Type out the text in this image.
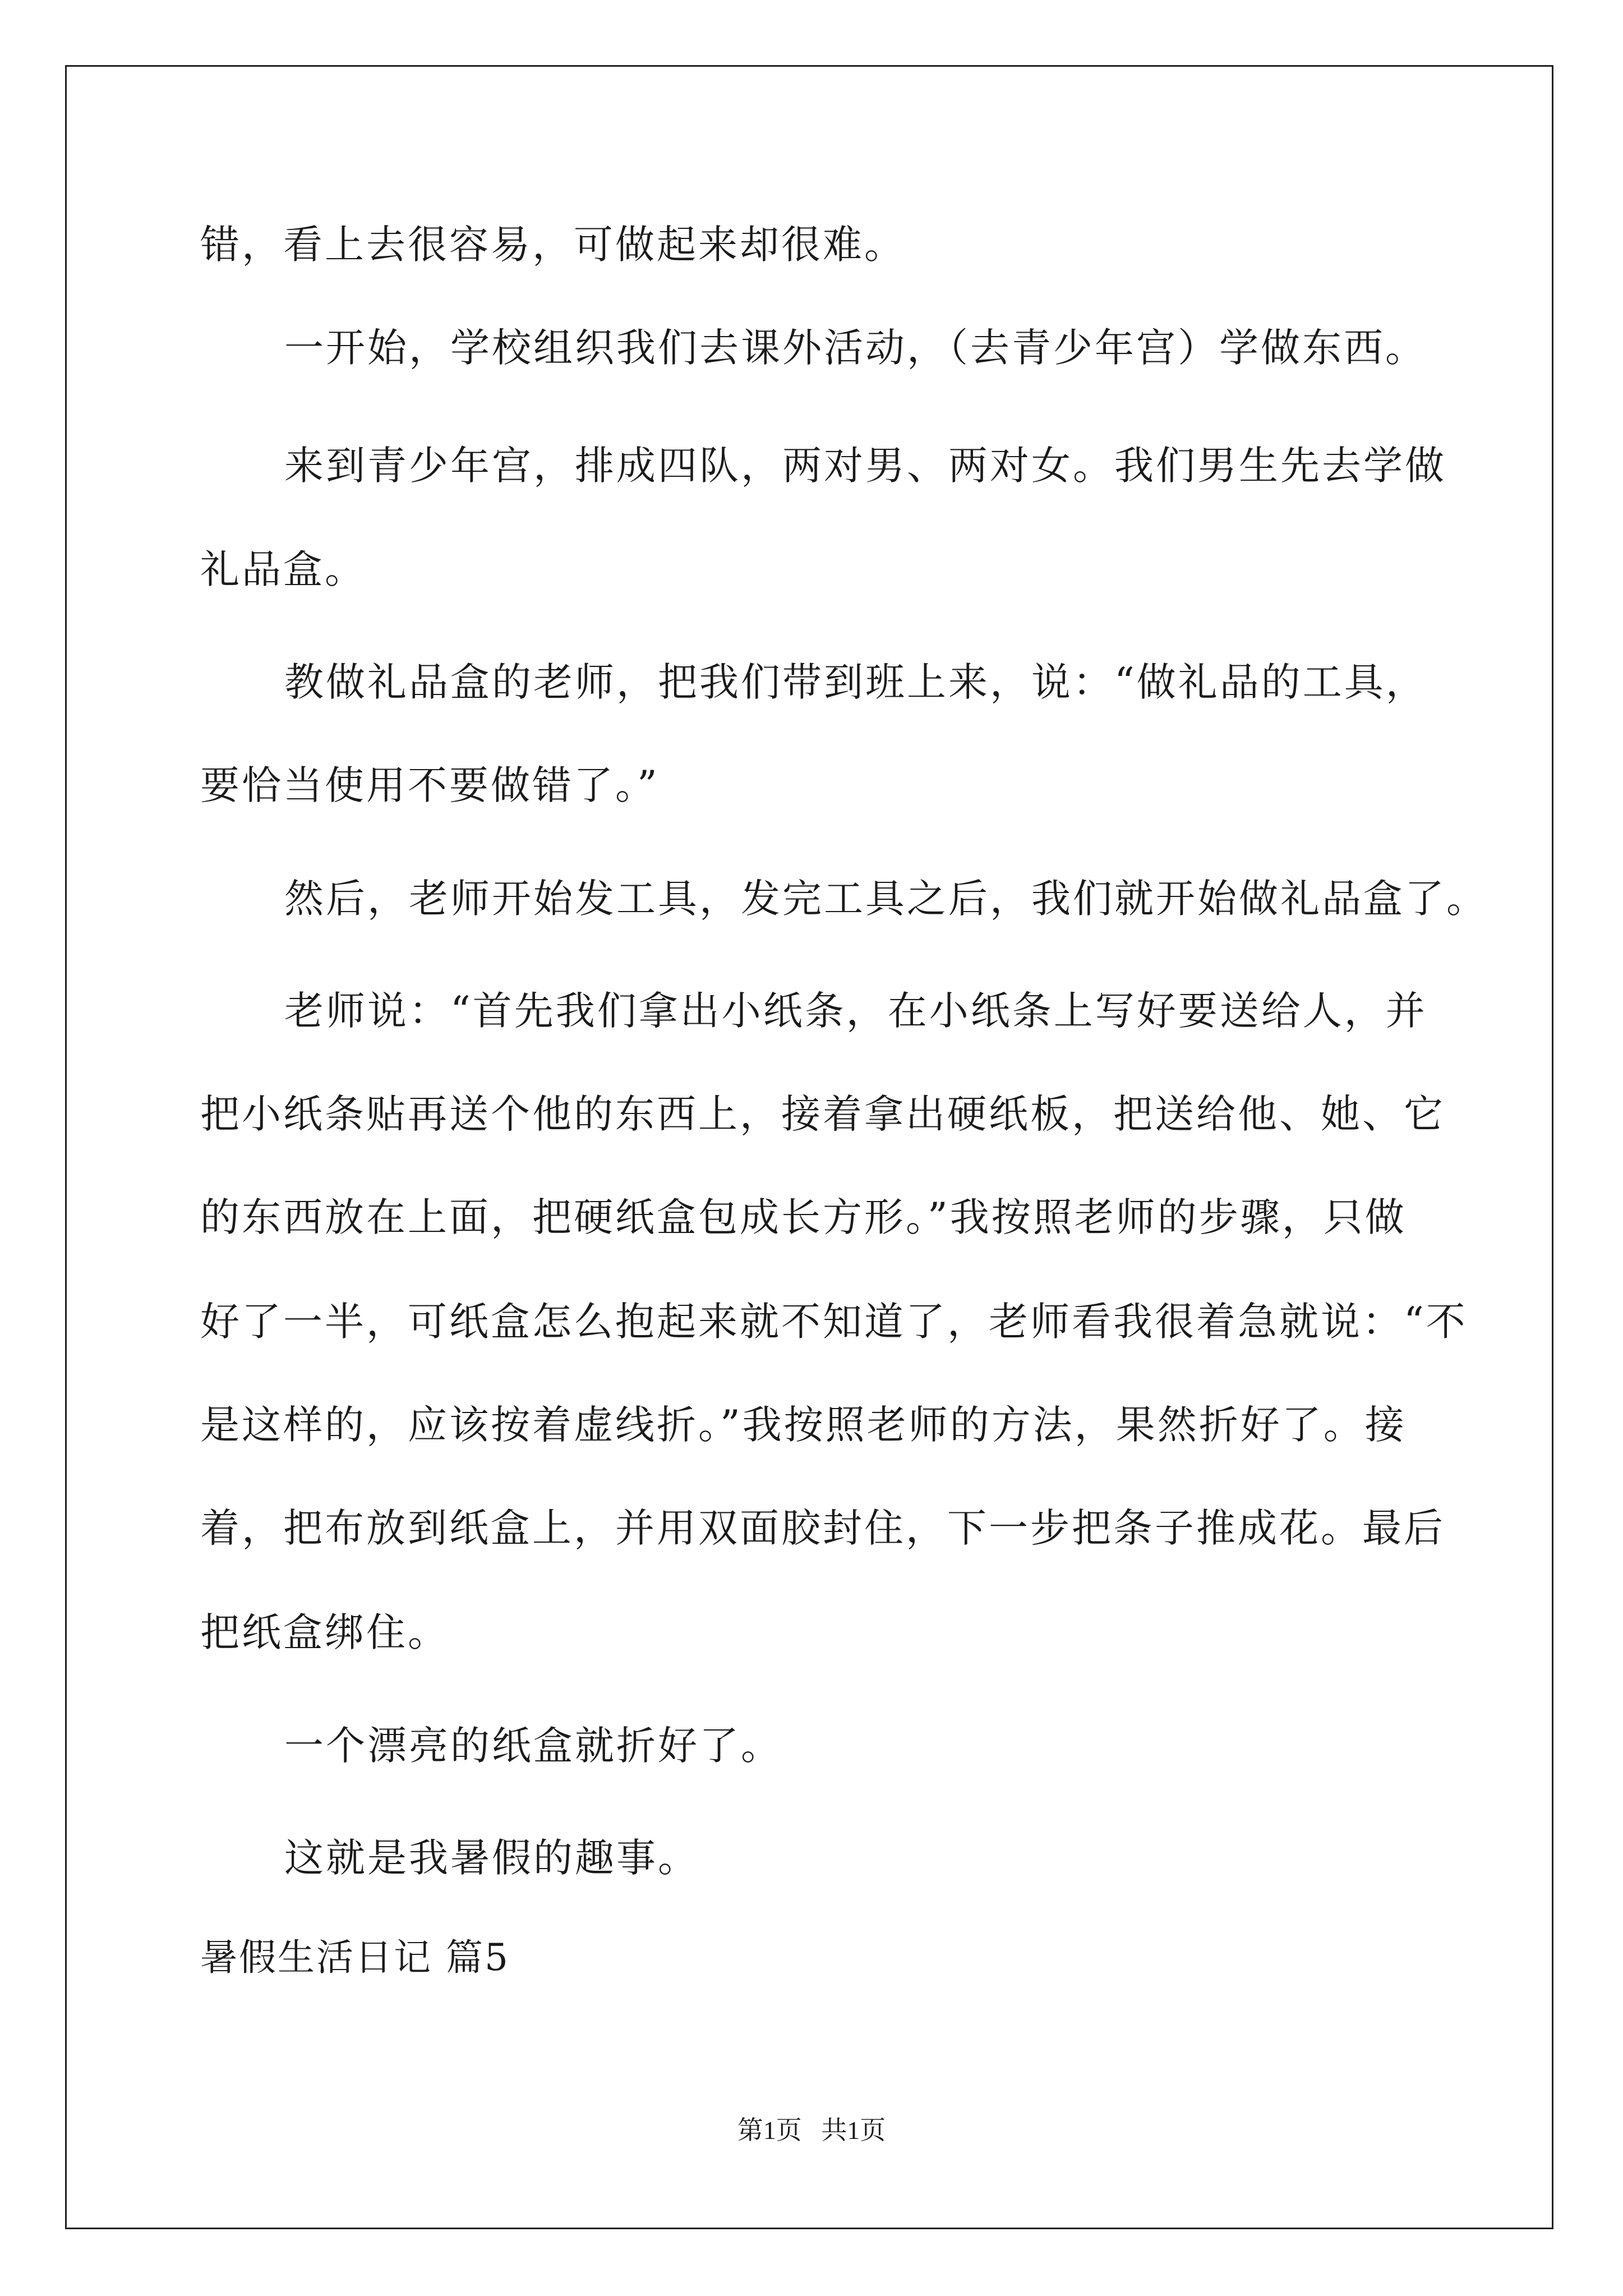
错，看上去很容易，可做起来却很难。
一开始，学校组织我们去课外活动，（去青少年宫）学做东西。
来到青少年宫，排成四队，两对男、两对女。我们男生先去学做
礼品盒。
教做礼品盒的老师，把我们带到班上来，说：“做礼品的工具，
要恰当使用不要做错了。”
然后，老师开始发工具，发完工具之后，我们就开始做礼品盒了。
老师说：“首先我们拿出小纸条，在小纸条上写好要送给人，并
把小纸条贴再送个他的东西上，接着拿出硬纸板，把送给他、她、它
的东西放在上面，把硬纸盒包成长方形。”我按照老师的步骤，只做
好了一半，可纸盒怎么抱起来就不知道了，老师看我很着急就说：“不
是这样的，应该按着虚线折。”我按照老师的方法，果然折好了。接
着，把布放到纸盒上，并用双面胶封住，下一步把条子推成花。最后
把纸盒绑住。
一个漂亮的纸盒就折好了。
这就是我暑假的趣事。
暑假生活日记 篇5
第1页   共1页
